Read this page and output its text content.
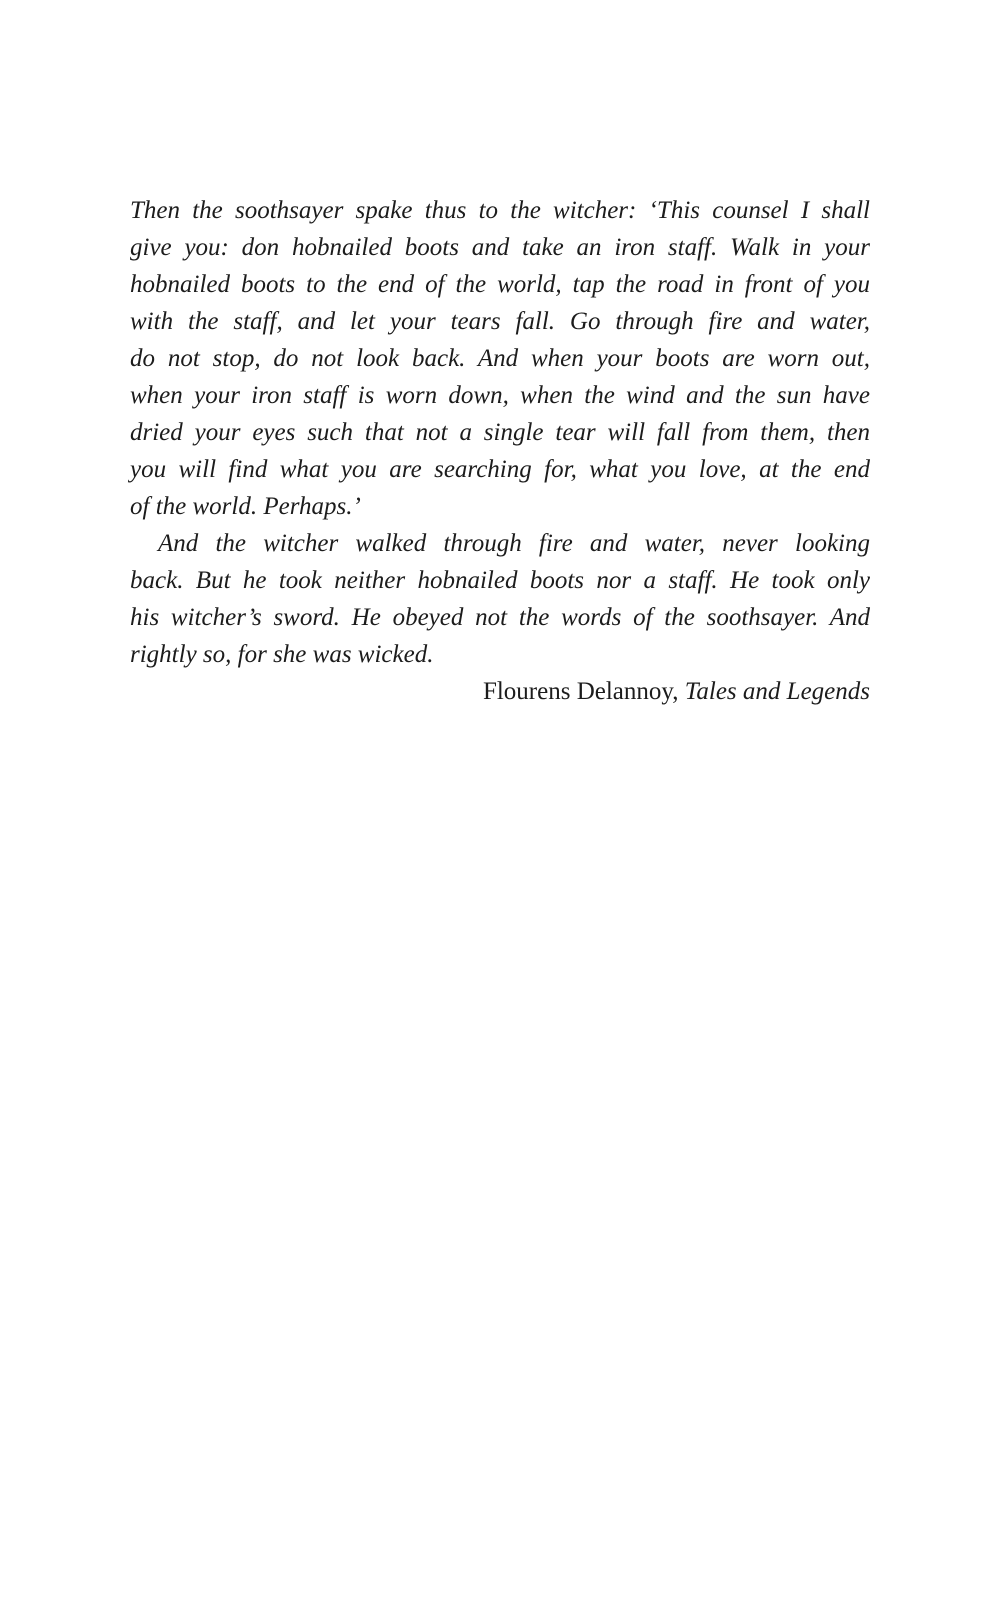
Then the soothsayer spake thus to the witcher: ‘This counsel I shall
give you: don hobnailed boots and take an iron staff. Walk in your
hobnailed boots to the end of the world, tap the road in front of you
with the staff, and let your tears fall. Go through fire and water,
do not stop, do not look back. And when your boots are worn out,
when your iron staff is worn down, when the wind and the sun have
dried your eyes such that not a single tear will fall from them, then
you will find what you are searching for, what you love, at the end
of the world. Perhaps.’
And the witcher walked through fire and water, never looking
back. But he took neither hobnailed boots nor a staff. He took only
his witcher’s sword. He obeyed not the words of the soothsayer. And
rightly so, for she was wicked.
Flourens Delannoy, Tales and Legends
